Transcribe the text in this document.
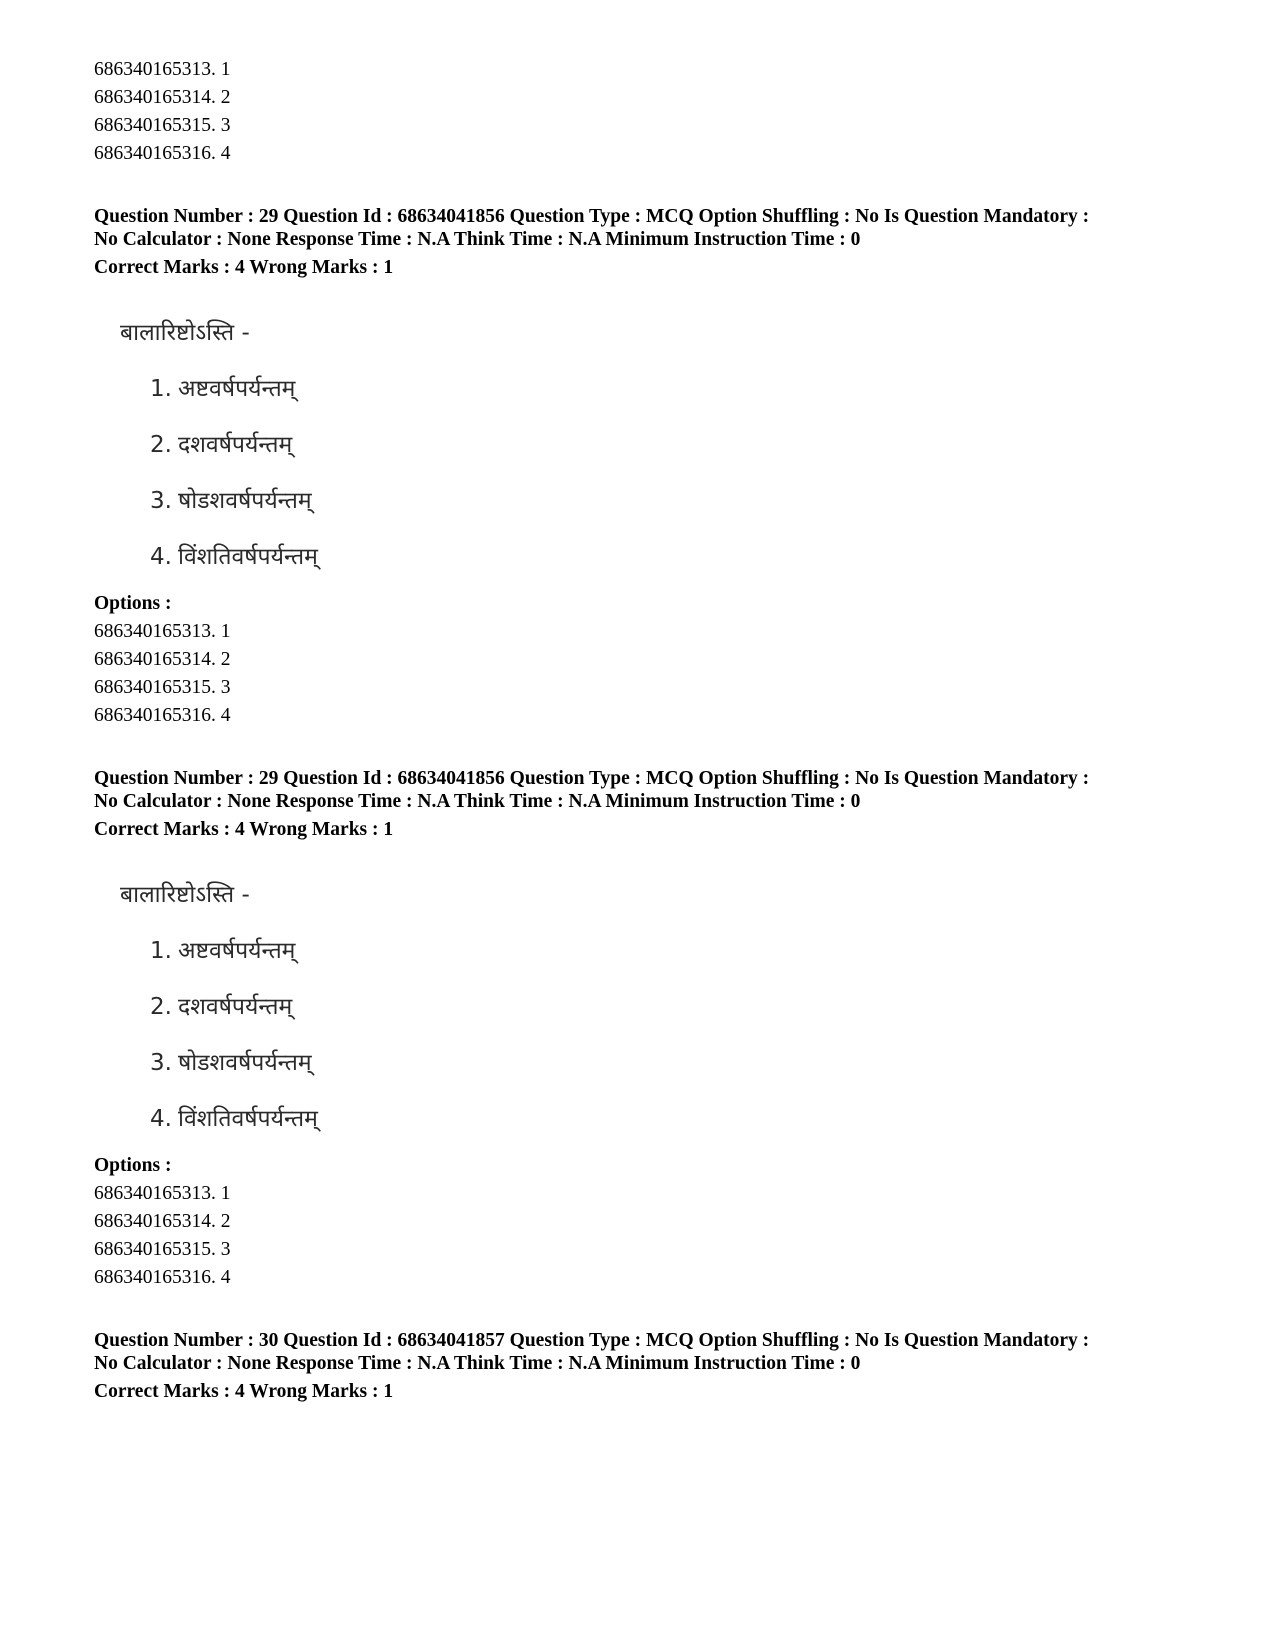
686340165313. 1
686340165314. 2
686340165315. 3
686340165316. 4
Question Number : 29 Question Id : 68634041856 Question Type : MCQ Option Shuffling : No Is Question Mandatory :
No Calculator : None Response Time : N.A Think Time : N.A Minimum Instruction Time : 0
Correct Marks : 4 Wrong Marks : 1
बालारिष्टोऽस्ति -
1. अष्टवर्षपर्यन्तम्
2. दशवर्षपर्यन्तम्
3. षोडशवर्षपर्यन्तम्
4. विंशतिवर्षपर्यन्तम्
Options :
686340165313. 1
686340165314. 2
686340165315. 3
686340165316. 4
Question Number : 29 Question Id : 68634041856 Question Type : MCQ Option Shuffling : No Is Question Mandatory :
No Calculator : None Response Time : N.A Think Time : N.A Minimum Instruction Time : 0
Correct Marks : 4 Wrong Marks : 1
बालारिष्टोऽस्ति -
1. अष्टवर्षपर्यन्तम्
2. दशवर्षपर्यन्तम्
3. षोडशवर्षपर्यन्तम्
4. विंशतिवर्षपर्यन्तम्
Options :
686340165313. 1
686340165314. 2
686340165315. 3
686340165316. 4
Question Number : 30 Question Id : 68634041857 Question Type : MCQ Option Shuffling : No Is Question Mandatory :
No Calculator : None Response Time : N.A Think Time : N.A Minimum Instruction Time : 0
Correct Marks : 4 Wrong Marks : 1
